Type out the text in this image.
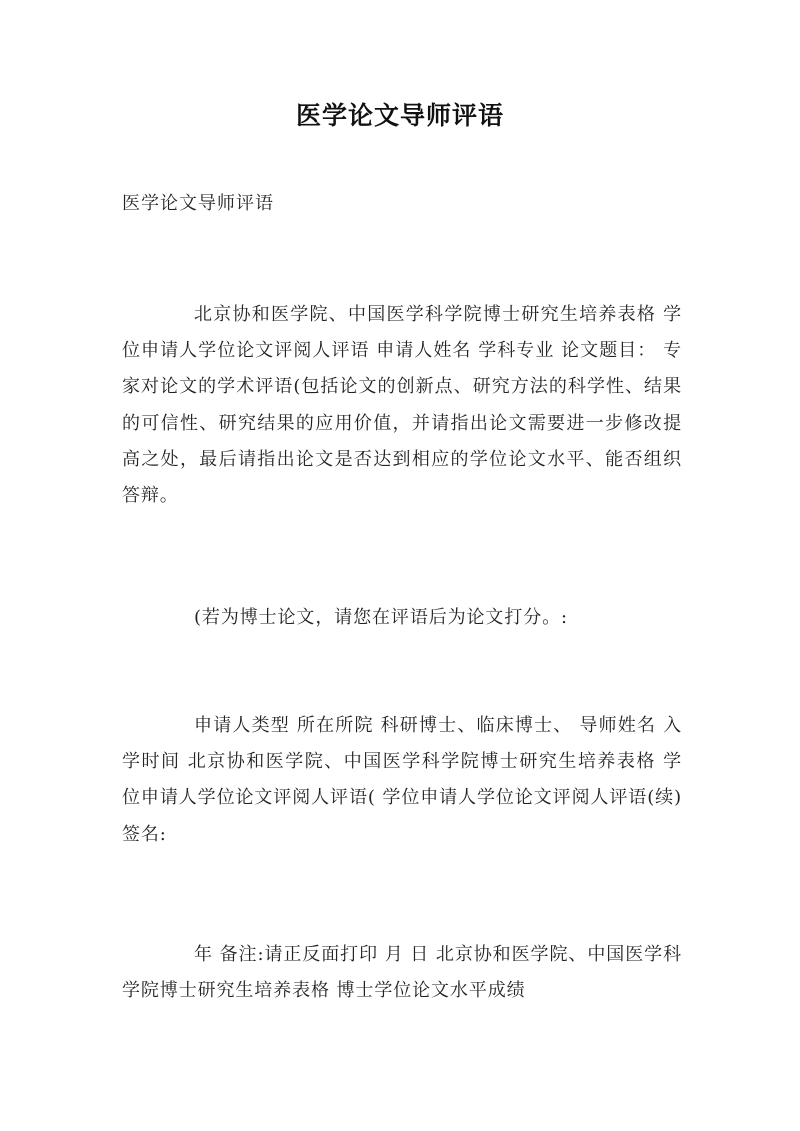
医学论文导师评语
医学论文导师评语

北京协和医学院、中国医学科学院博士研究生培养表格 学位申请人学位论文评阅人评语 申请人姓名 学科专业 论文题目： 专家对论文的学术评语(包括论文的创新点、研究方法的科学性、结果的可信性、研究结果的应用价值，并请指出论文需要进一步修改提高之处，最后请指出论文是否达到相应的学位论文水平、能否组织答辩。

(若为博士论文，请您在评语后为论文打分。:

申请人类型 所在所院 科研博士、临床博士、 导师姓名 入学时间 北京协和医学院、中国医学科学院博士研究生培养表格 学位申请人学位论文评阅人评语( 学位申请人学位论文评阅人评语(续) 签名:

年 备注:请正反面打印 月 日 北京协和医学院、中国医学科学院博士研究生培养表格 博士学位论文水平成绩
